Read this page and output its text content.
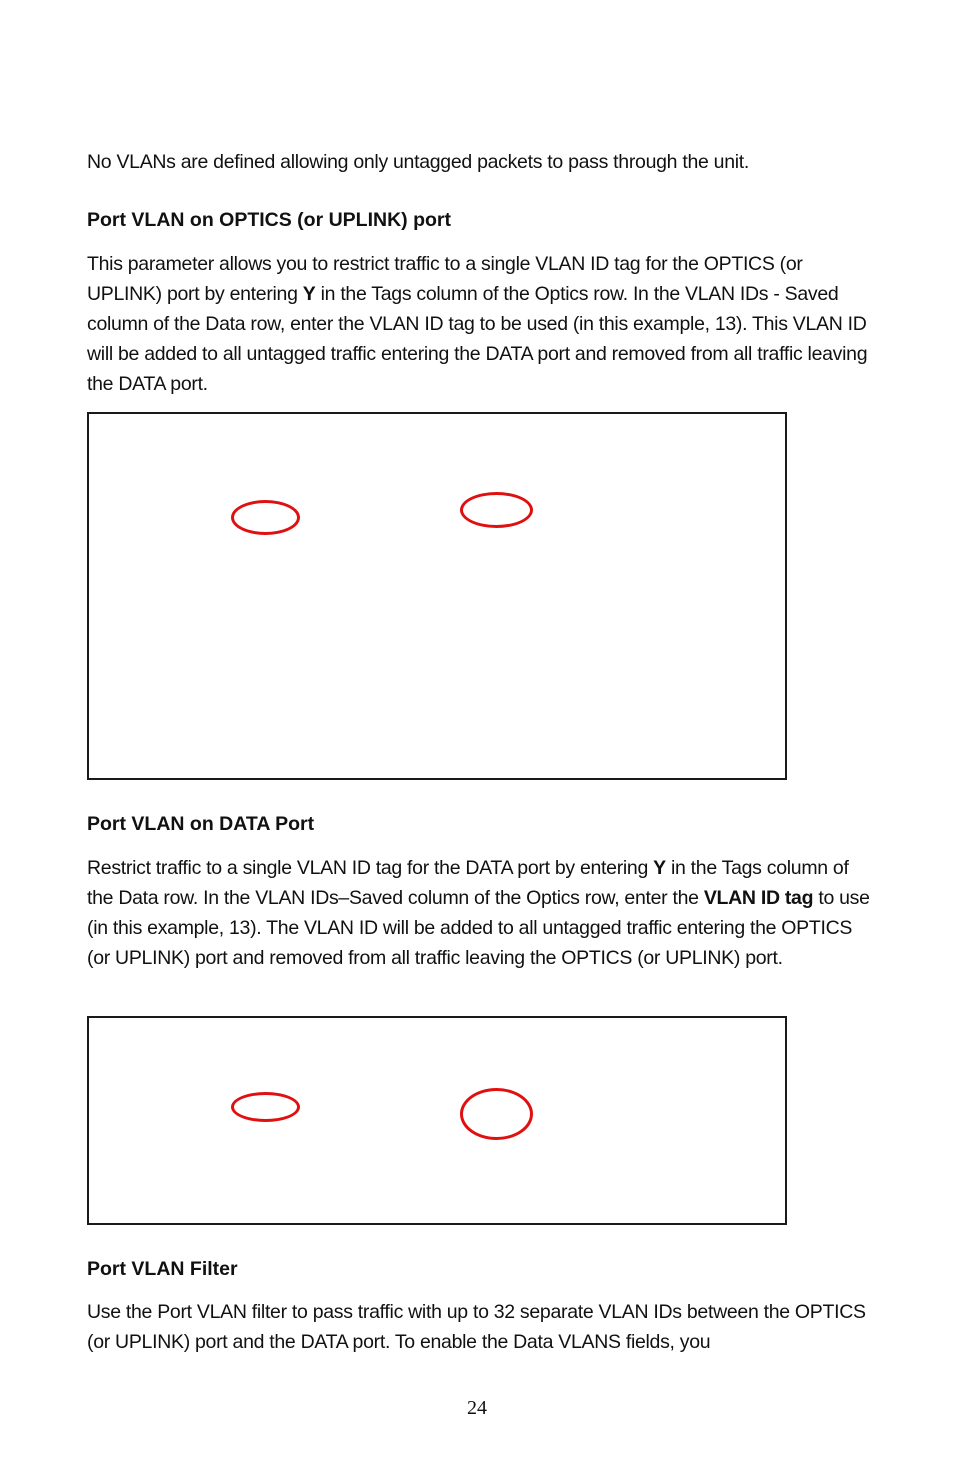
No VLANs are defined allowing only untagged packets to pass through the unit.

Port VLAN on OPTICS (or UPLINK) port

This parameter allows you to restrict traffic to a single VLAN ID tag for the OPTICS (or UPLINK) port by entering Y in the Tags column of the Optics row. In the VLAN IDs - Saved column of the Data row, enter the VLAN ID tag to be used (in this example, 13). This VLAN ID will be added to all untagged traffic entering the DATA port and removed from all traffic leaving the DATA port.

Port VLAN on DATA Port

Restrict traffic to a single VLAN ID tag for the DATA port by entering Y in the Tags column of the Data row. In the VLAN IDs–Saved column of the Optics row, enter the VLAN ID tag to use (in this example, 13). The VLAN ID will be added to all untagged traffic entering the OPTICS (or UPLINK) port and removed from all traffic leaving the OPTICS (or UPLINK) port.

Port VLAN Filter

Use the Port VLAN filter to pass traffic with up to 32 separate VLAN IDs between the OPTICS (or UPLINK) port and the DATA port. To enable the Data VLANS fields, you

24
